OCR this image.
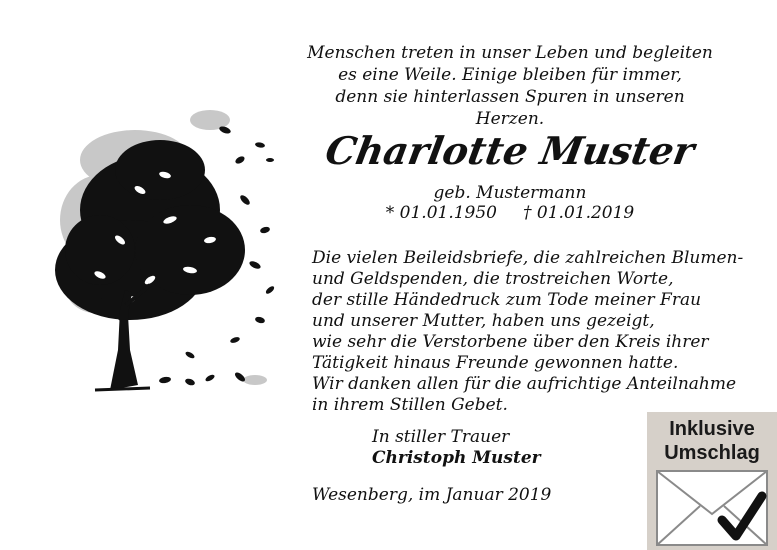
Menschen treten in unser Leben und begleiten
es eine Weile. Einige bleiben für immer,
denn sie hinterlassen Spuren in unseren Herzen.
Charlotte Muster
geb. Mustermann
* 01.01.1950 † 01.01.2019
Die vielen Beileidsbriefe, die zahlreichen Blumen-
und Geldspenden, die trostreichen Worte,
der stille Händedruck zum Tode meiner Frau
und unserer Mutter, haben uns gezeigt,
wie sehr die Verstorbene über den Kreis ihrer
Tätigkeit hinaus Freunde gewonnen hatte.
Wir danken allen für die aufrichtige Anteilnahme
in ihrem Stillen Gebet.
In stiller Trauer
Christoph Muster
Wesenberg, im Januar 2019
Inklusive
Umschlag
